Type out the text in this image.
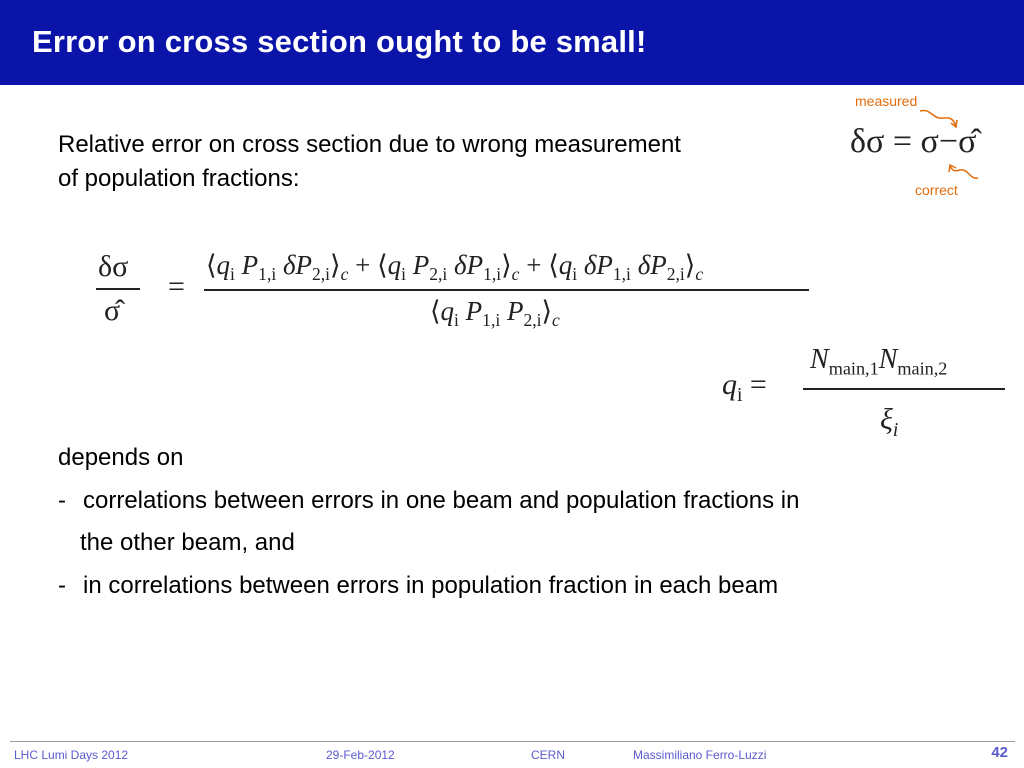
Error on cross section ought to be small!
Relative error on cross section due to wrong measurement
of population fractions:
measured
δσ = σ−σ̂
correct
δσ
σ̂
=
$⟨q_i$ $P_{1,i}$ $\delta P_{2,i}⟩_c$ + $⟨q_i$ $P_{2,i}$ $\delta P_{1,i}⟩_c$ + $⟨q_i$ $\delta P_{1,i}$ $\delta P_{2,i}⟩_c$
$⟨q_i$ $P_{1,i}$ $P_{2,i}⟩_c$
$q_i$ =
$N_{main,1}N_{main,2}$
$\xi_i$
depends on
- correlations between errors in one beam and population fractions in
the other beam, and
- in correlations between errors in population fraction in each beam
LHC Lumi Days 2012	29-Feb-2012	CERN	Massimiliano Ferro-Luzzi	42
